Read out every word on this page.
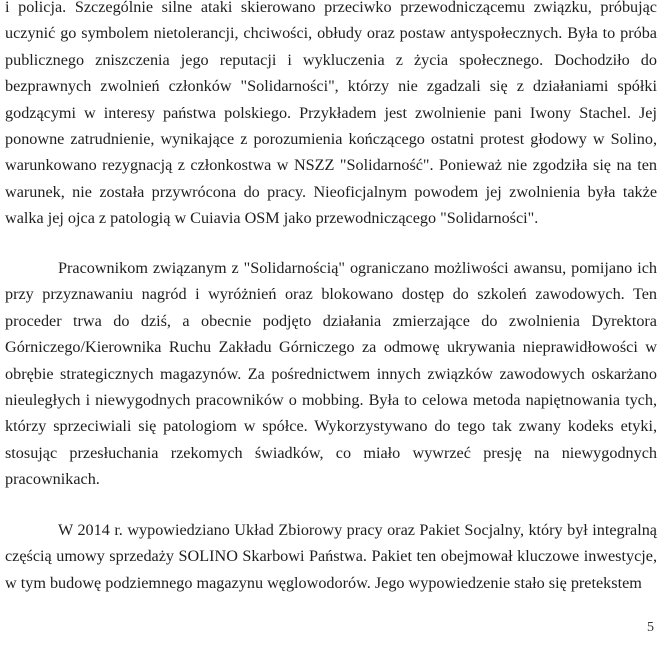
i policja. Szczególnie silne ataki skierowano przeciwko przewodniczącemu związku, próbując uczynić go symbolem nietolerancji, chciwości, obłudy oraz postaw antyspołecznych. Była to próba publicznego zniszczenia jego reputacji i wykluczenia z życia społecznego. Dochodziło do bezprawnych zwolnień członków "Solidarności", którzy nie zgadzali się z działaniami spółki godzącymi w interesy państwa polskiego. Przykładem jest zwolnienie pani Iwony Stachel. Jej ponowne zatrudnienie, wynikające z porozumienia kończącego ostatni protest głodowy w Solino, warunkowano rezygnacją z członkostwa w NSZZ "Solidarność". Ponieważ nie zgodziła się na ten warunek, nie została przywrócona do pracy. Nieoficjalnym powodem jej zwolnienia była także walka jej ojca z patologią w Cuiavia OSM jako przewodniczącego "Solidarności".

Pracownikom związanym z "Solidarnością" ograniczano możliwości awansu, pomijano ich przy przyznawaniu nagród i wyróżnień oraz blokowano dostęp do szkoleń zawodowych. Ten proceder trwa do dziś, a obecnie podjęto działania zmierzające do zwolnienia Dyrektora Górniczego/Kierownika Ruchu Zakładu Górniczego za odmowę ukrywania nieprawidłowości w obrębie strategicznych magazynów. Za pośrednictwem innych związków zawodowych oskarżano nieuległych i niewygodnych pracowników o mobbing. Była to celowa metoda napiętnowania tych, którzy sprzeciwiali się patologiom w spółce. Wykorzystywano do tego tak zwany kodeks etyki, stosując przesłuchania rzekomych świadków, co miało wywrzeć presję na niewygodnych pracownikach.

W 2014 r. wypowiedziano Układ Zbiorowy pracy oraz Pakiet Socjalny, który był integralną częścią umowy sprzedaży SOLINO Skarbowi Państwa. Pakiet ten obejmował kluczowe inwestycje, w tym budowę podziemnego magazynu węglowodorów. Jego wypowiedzenie stało się pretekstem

5
